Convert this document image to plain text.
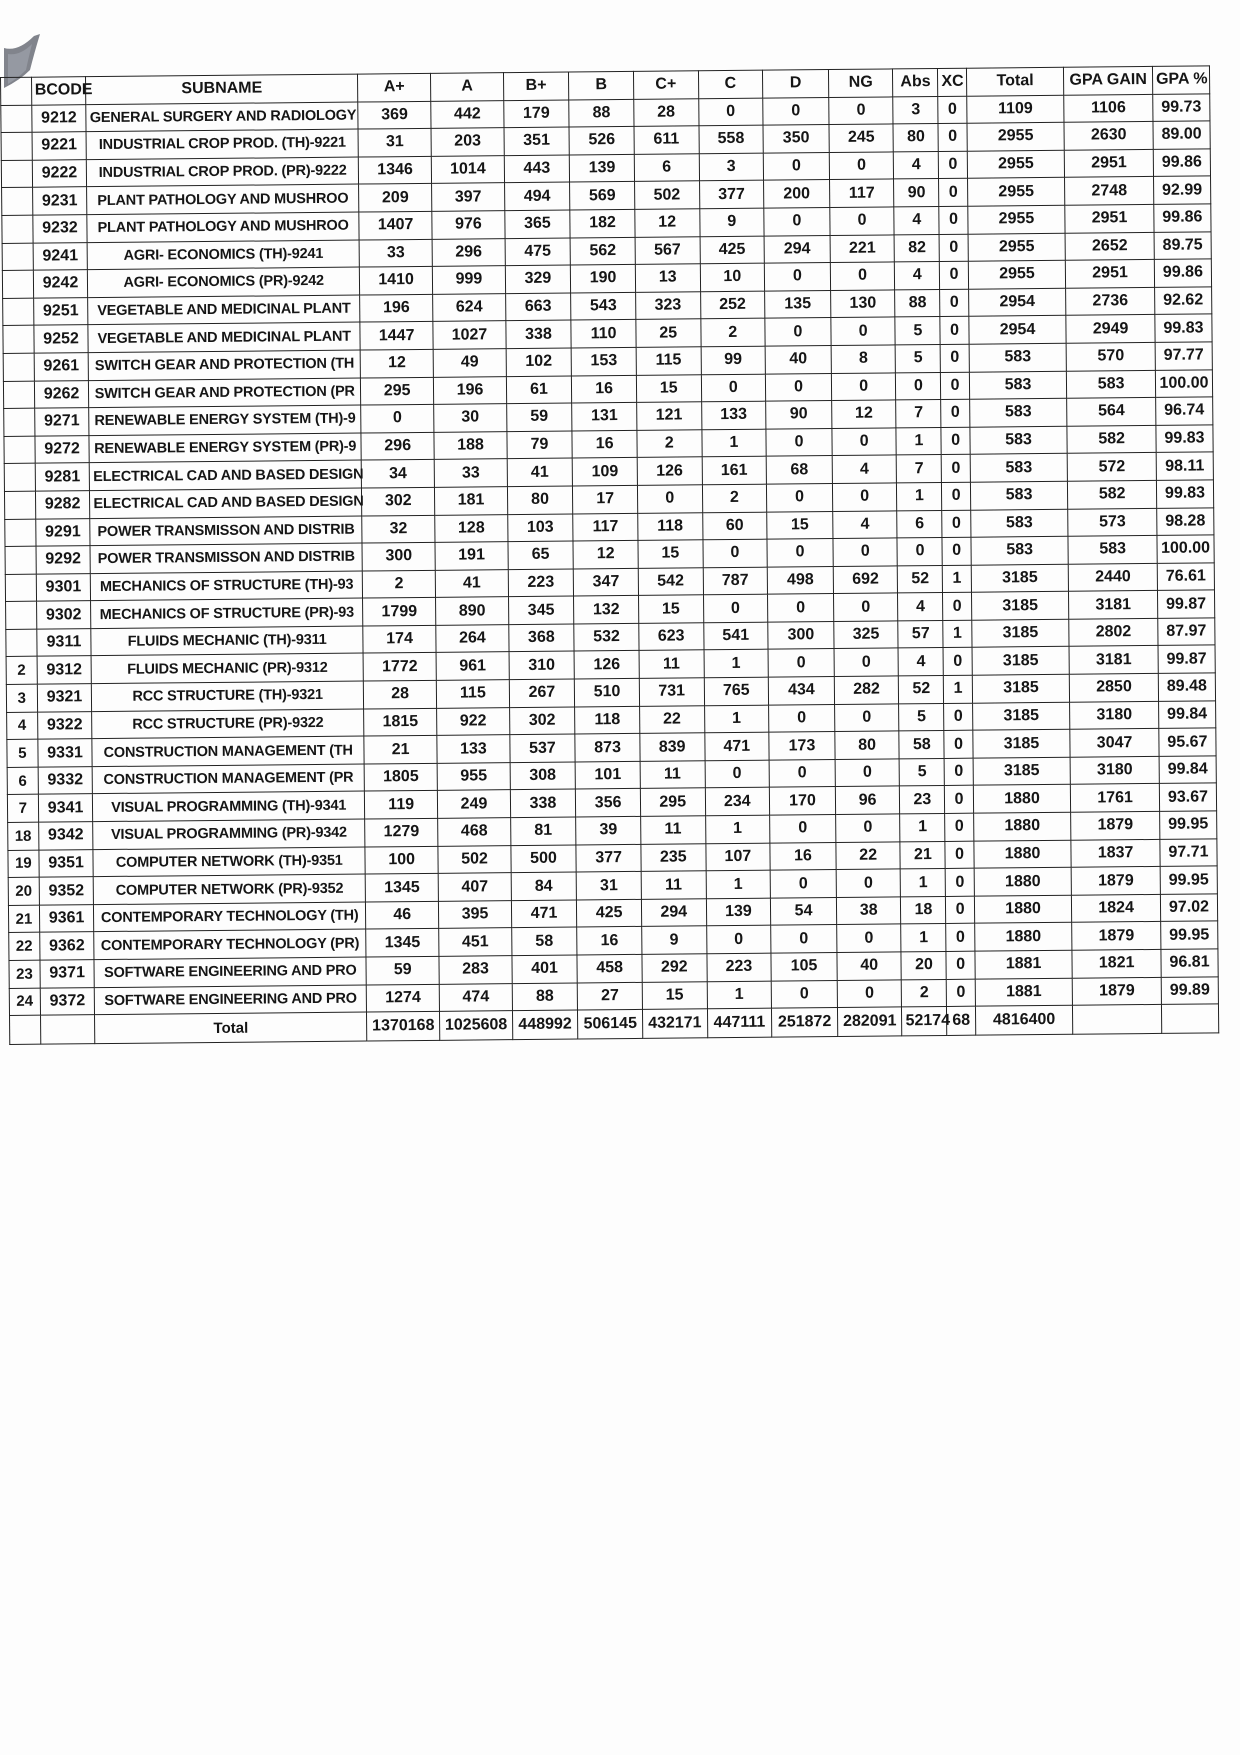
	BCODE	SUBNAME	A+	A	B+	B	C+	C	D	NG	Abs	XC	Total	GPA GAIN	GPA %
	9212	GENERAL SURGERY AND RADIOLOGY	369	442	179	88	28	0	0	0	3	0	1109	1106	99.73
	9221	INDUSTRIAL CROP PROD. (TH)-9221	31	203	351	526	611	558	350	245	80	0	2955	2630	89.00
	9222	INDUSTRIAL CROP PROD. (PR)-9222	1346	1014	443	139	6	3	0	0	4	0	2955	2951	99.86
	9231	PLANT PATHOLOGY AND MUSHROO	209	397	494	569	502	377	200	117	90	0	2955	2748	92.99
	9232	PLANT PATHOLOGY AND MUSHROO	1407	976	365	182	12	9	0	0	4	0	2955	2951	99.86
	9241	AGRI- ECONOMICS (TH)-9241	33	296	475	562	567	425	294	221	82	0	2955	2652	89.75
	9242	AGRI- ECONOMICS (PR)-9242	1410	999	329	190	13	10	0	0	4	0	2955	2951	99.86
	9251	VEGETABLE AND MEDICINAL PLANT	196	624	663	543	323	252	135	130	88	0	2954	2736	92.62
	9252	VEGETABLE AND MEDICINAL PLANT	1447	1027	338	110	25	2	0	0	5	0	2954	2949	99.83
	9261	SWITCH GEAR AND PROTECTION (TH	12	49	102	153	115	99	40	8	5	0	583	570	97.77
	9262	SWITCH GEAR AND PROTECTION (PR	295	196	61	16	15	0	0	0	0	0	583	583	100.00
	9271	RENEWABLE ENERGY SYSTEM (TH)-9	0	30	59	131	121	133	90	12	7	0	583	564	96.74
	9272	RENEWABLE ENERGY SYSTEM (PR)-9	296	188	79	16	2	1	0	0	1	0	583	582	99.83
	9281	ELECTRICAL CAD AND BASED DESIGN	34	33	41	109	126	161	68	4	7	0	583	572	98.11
	9282	ELECTRICAL CAD AND BASED DESIGN	302	181	80	17	0	2	0	0	1	0	583	582	99.83
	9291	POWER TRANSMISSON AND DISTRIB	32	128	103	117	118	60	15	4	6	0	583	573	98.28
	9292	POWER TRANSMISSON AND DISTRIB	300	191	65	12	15	0	0	0	0	0	583	583	100.00
	9301	MECHANICS OF STRUCTURE (TH)-93	2	41	223	347	542	787	498	692	52	1	3185	2440	76.61
	9302	MECHANICS OF STRUCTURE (PR)-93	1799	890	345	132	15	0	0	0	4	0	3185	3181	99.87
	9311	FLUIDS MECHANIC (TH)-9311	174	264	368	532	623	541	300	325	57	1	3185	2802	87.97
2	9312	FLUIDS MECHANIC (PR)-9312	1772	961	310	126	11	1	0	0	4	0	3185	3181	99.87
3	9321	RCC STRUCTURE (TH)-9321	28	115	267	510	731	765	434	282	52	1	3185	2850	89.48
4	9322	RCC STRUCTURE (PR)-9322	1815	922	302	118	22	1	0	0	5	0	3185	3180	99.84
5	9331	CONSTRUCTION MANAGEMENT (TH	21	133	537	873	839	471	173	80	58	0	3185	3047	95.67
6	9332	CONSTRUCTION MANAGEMENT (PR	1805	955	308	101	11	0	0	0	5	0	3185	3180	99.84
7	9341	VISUAL PROGRAMMING (TH)-9341	119	249	338	356	295	234	170	96	23	0	1880	1761	93.67
18	9342	VISUAL PROGRAMMING (PR)-9342	1279	468	81	39	11	1	0	0	1	0	1880	1879	99.95
19	9351	COMPUTER NETWORK (TH)-9351	100	502	500	377	235	107	16	22	21	0	1880	1837	97.71
20	9352	COMPUTER NETWORK (PR)-9352	1345	407	84	31	11	1	0	0	1	0	1880	1879	99.95
21	9361	CONTEMPORARY TECHNOLOGY (TH)	46	395	471	425	294	139	54	38	18	0	1880	1824	97.02
22	9362	CONTEMPORARY TECHNOLOGY (PR)	1345	451	58	16	9	0	0	0	1	0	1880	1879	99.95
23	9371	SOFTWARE ENGINEERING AND PRO	59	283	401	458	292	223	105	40	20	0	1881	1821	96.81
24	9372	SOFTWARE ENGINEERING AND PRO	1274	474	88	27	15	1	0	0	2	0	1881	1879	99.89
		Total	1370168	1025608	448992	506145	432171	447111	251872	282091	52174	68	4816400		
